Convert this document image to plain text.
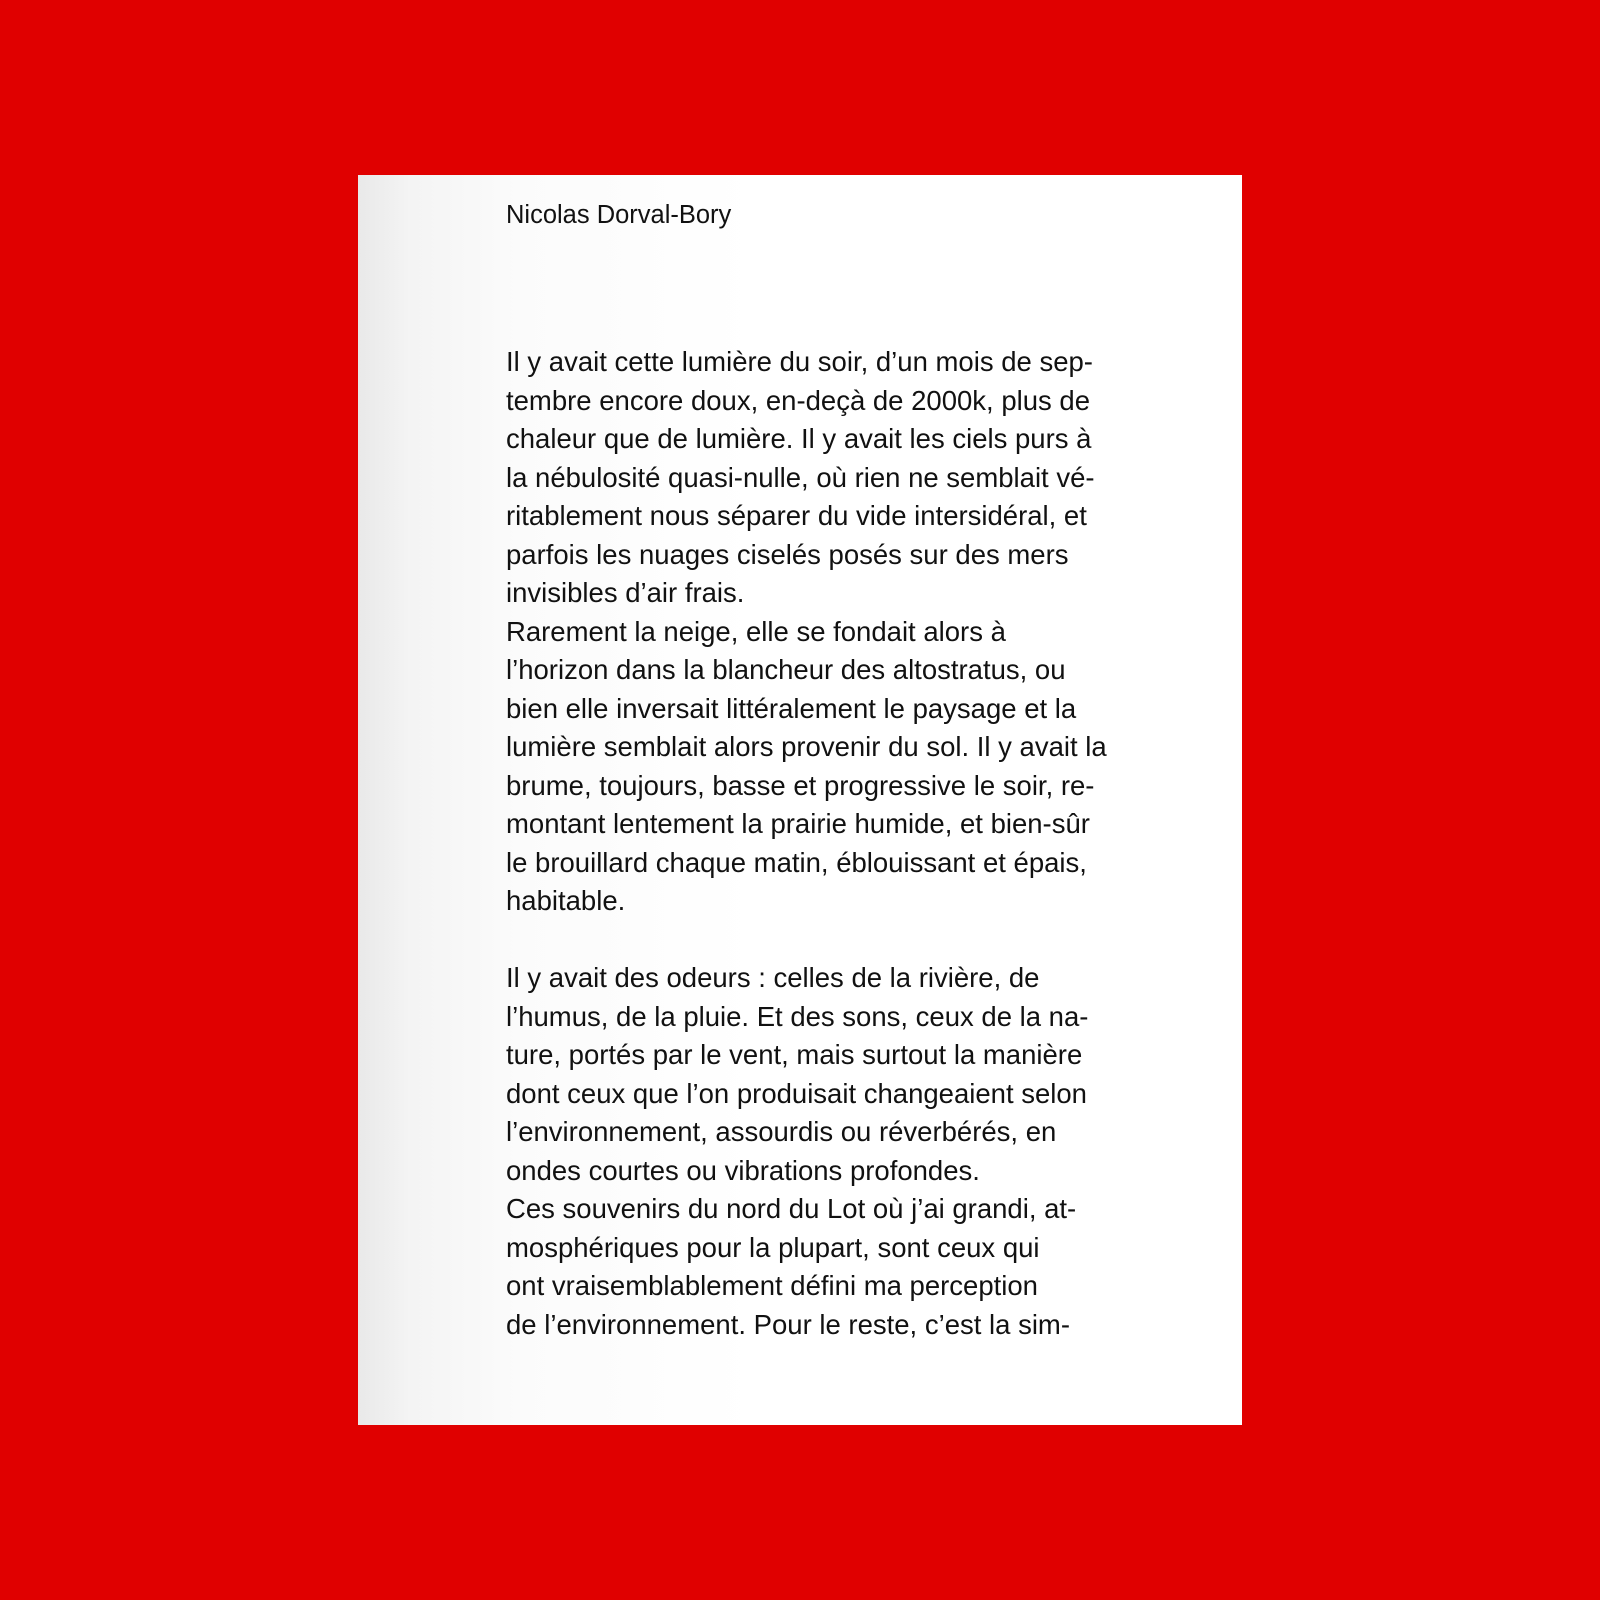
Nicolas Dorval-Bory
Il y avait cette lumière du soir, d’un mois de sep-
tembre encore doux, en-deçà de 2000k, plus de
chaleur que de lumière. Il y avait les ciels purs à
la nébulosité quasi-nulle, où rien ne semblait vé-
ritablement nous séparer du vide intersidéral, et
parfois les nuages ciselés posés sur des mers
invisibles d’air frais.
Rarement la neige, elle se fondait alors à
l’horizon dans la blancheur des altostratus, ou
bien elle inversait littéralement le paysage et la
lumière semblait alors provenir du sol. Il y avait la
brume, toujours, basse et progressive le soir, re-
montant lentement la prairie humide, et bien-sûr
le brouillard chaque matin, éblouissant et épais,
habitable.
Il y avait des odeurs : celles de la rivière, de
l’humus, de la pluie. Et des sons, ceux de la na-
ture, portés par le vent, mais surtout la manière
dont ceux que l’on produisait changeaient selon
l’environnement, assourdis ou réverbérés, en
ondes courtes ou vibrations profondes.
Ces souvenirs du nord du Lot où j’ai grandi, at-
mosphériques pour la plupart, sont ceux qui
ont vraisemblablement défini ma perception
de l’environnement. Pour le reste, c’est la sim-
